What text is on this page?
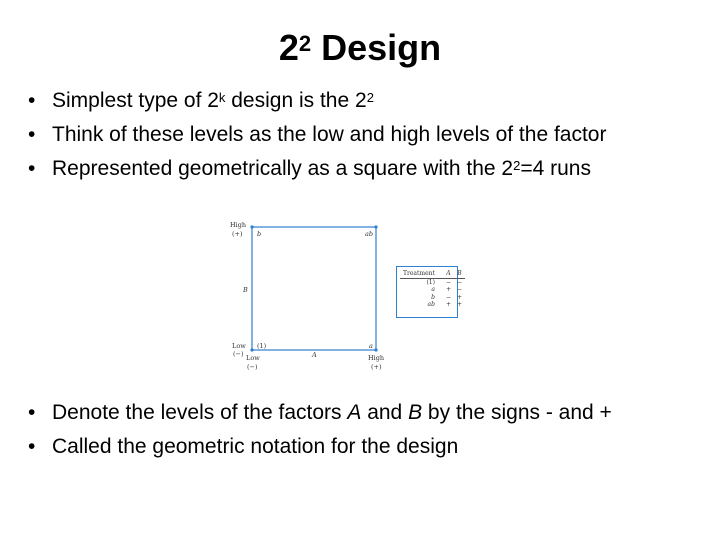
$2^2$ Design
• Simplest type of 2$^k$ design is the $2^2$
• Think of these levels as the low and high levels of the factor
• Represented geometrically as a square with the $2^2=4$ runs
High
(+) b	ab
B
Low (1)	a
(−) Low	A	High
(−)	(+)
Treatment	A	B
(1)	−	−
a	+	−
b	−	+
ab	+	+
• Denote the levels of the factors A and B by the signs - and +
• Called the geometric notation for the design
